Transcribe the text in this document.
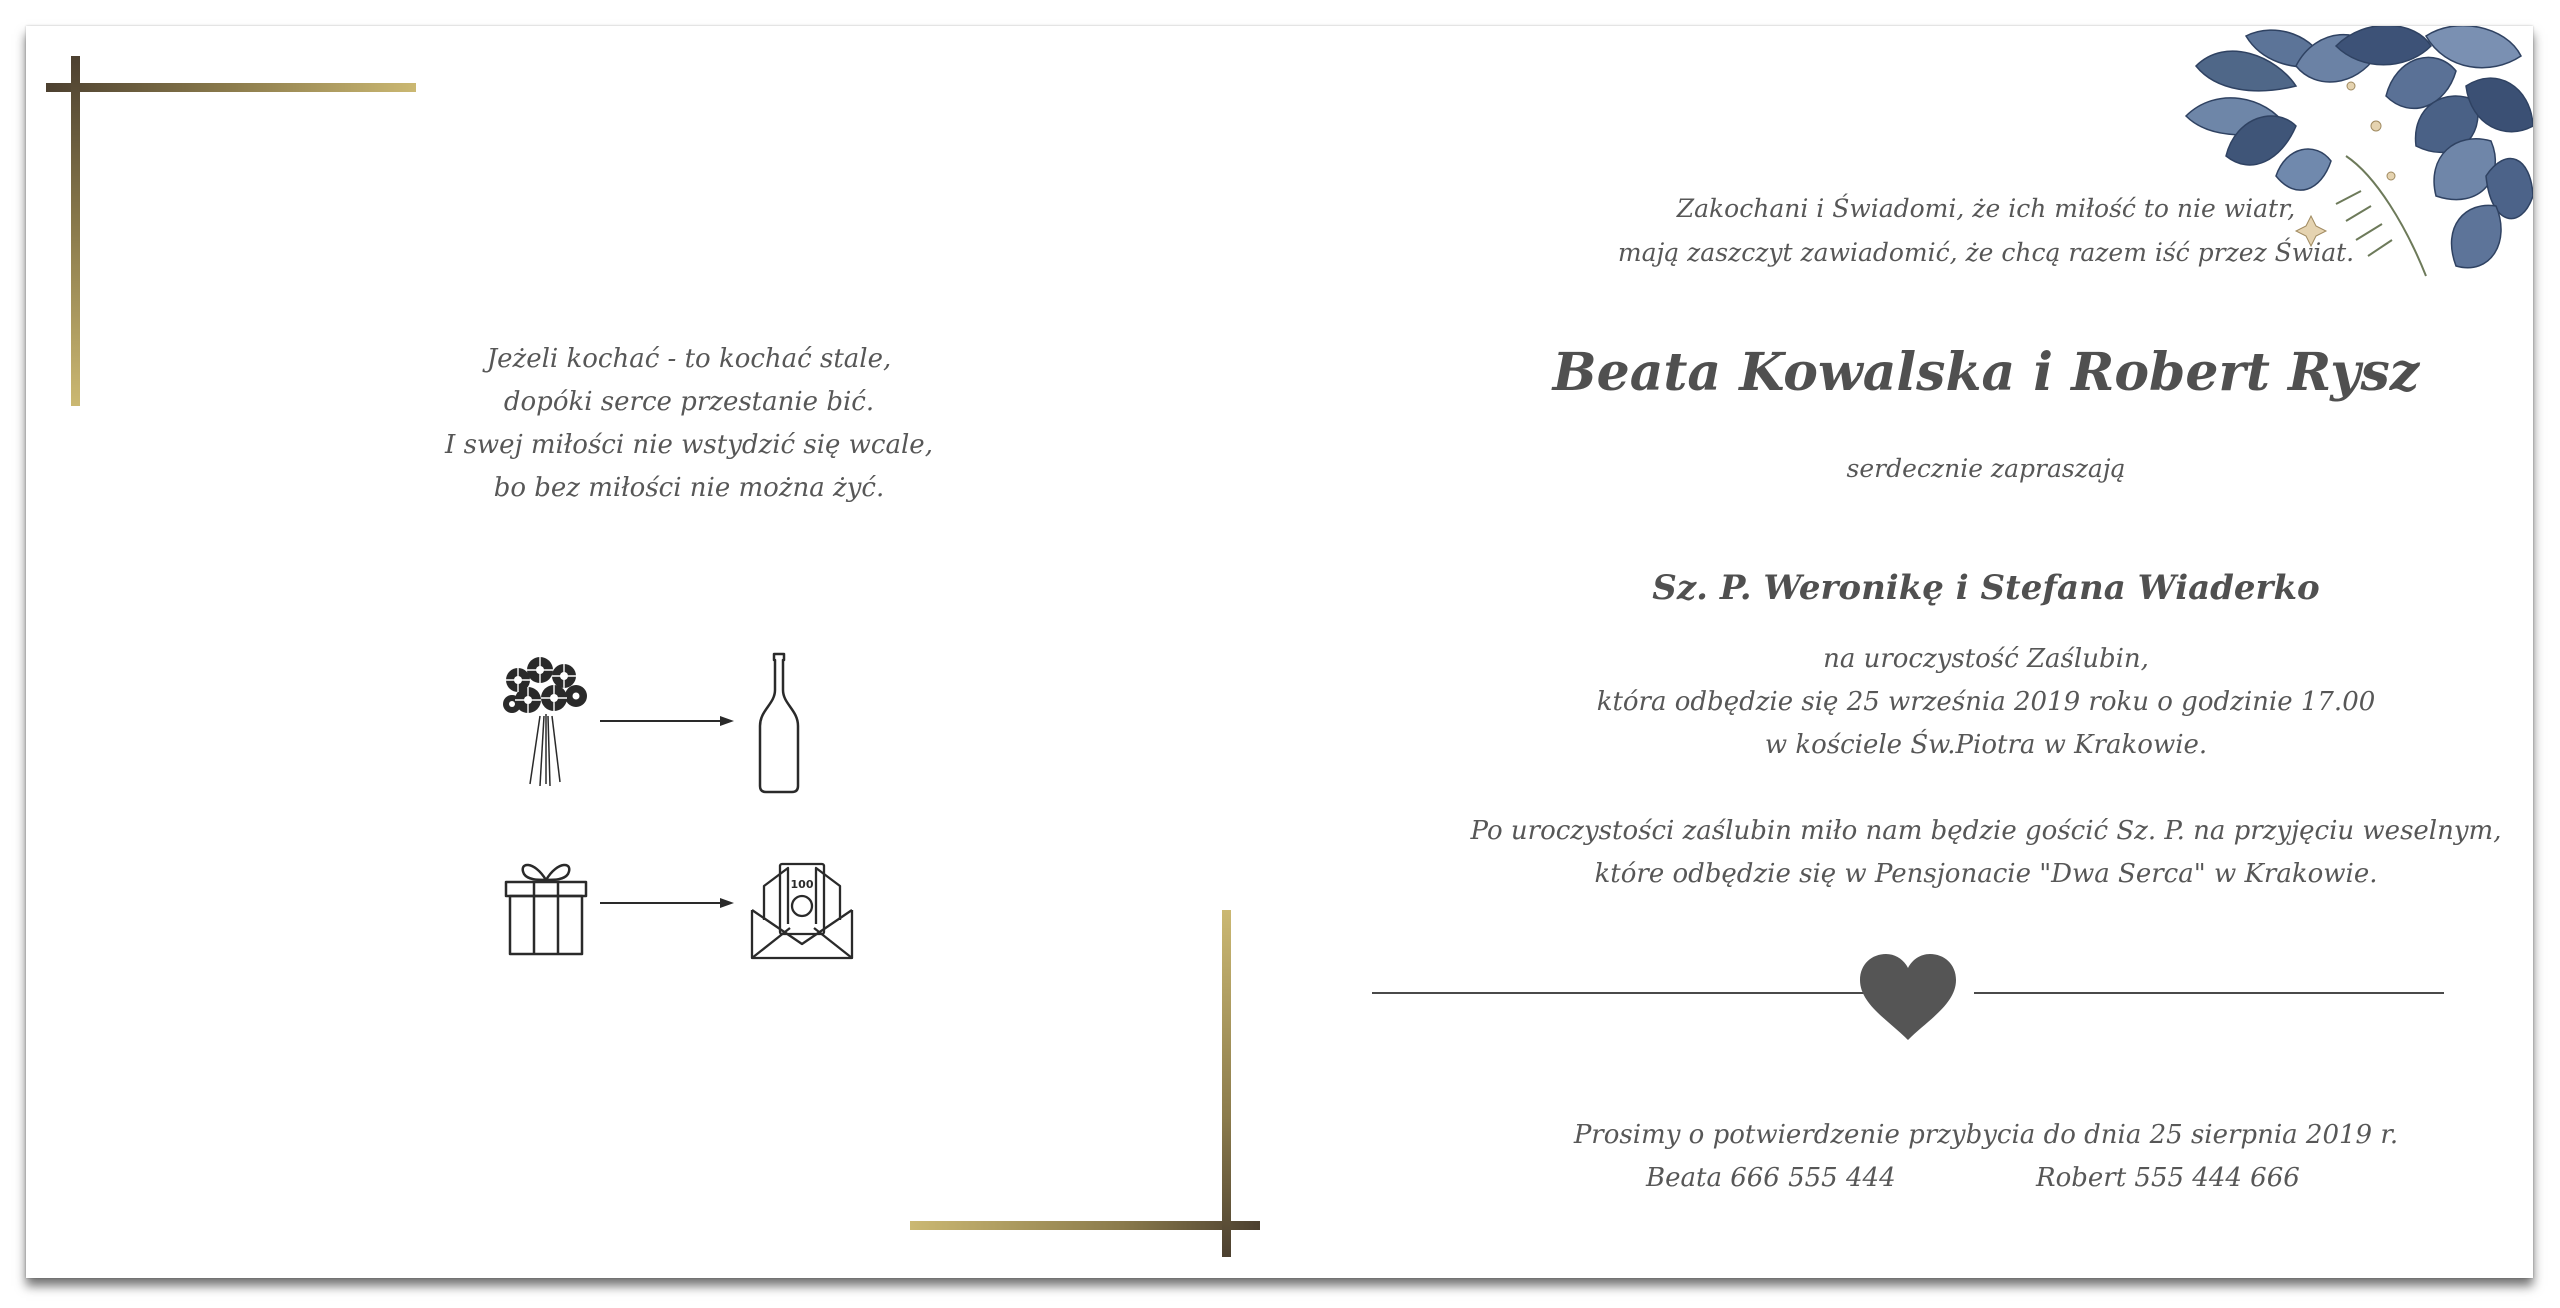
Jeżeli kochać - to kochać stale,
dopóki serce przestanie bić.
I swej miłości nie wstydzić się wcale,
bo bez miłości nie można żyć.
100
Zakochani i Świadomi, że ich miłość to nie wiatr,
mają zaszczyt zawiadomić, że chcą razem iść przez Świat.
Beata Kowalska i Robert Rysz
serdecznie zapraszają
Sz. P. Weronikę i Stefana Wiaderko
na uroczystość Zaślubin,
która odbędzie się 25 września 2019 roku o godzinie 17.00
w kościele Św.Piotra w Krakowie.
Po uroczystości zaślubin miło nam będzie gościć Sz. P. na przyjęciu weselnym,
które odbędzie się w Pensjonacie "Dwa Serca" w Krakowie.
Prosimy o potwierdzenie przybycia do dnia 25 sierpnia 2019 r.
Beata 666 555 444	Robert 555 444 666
